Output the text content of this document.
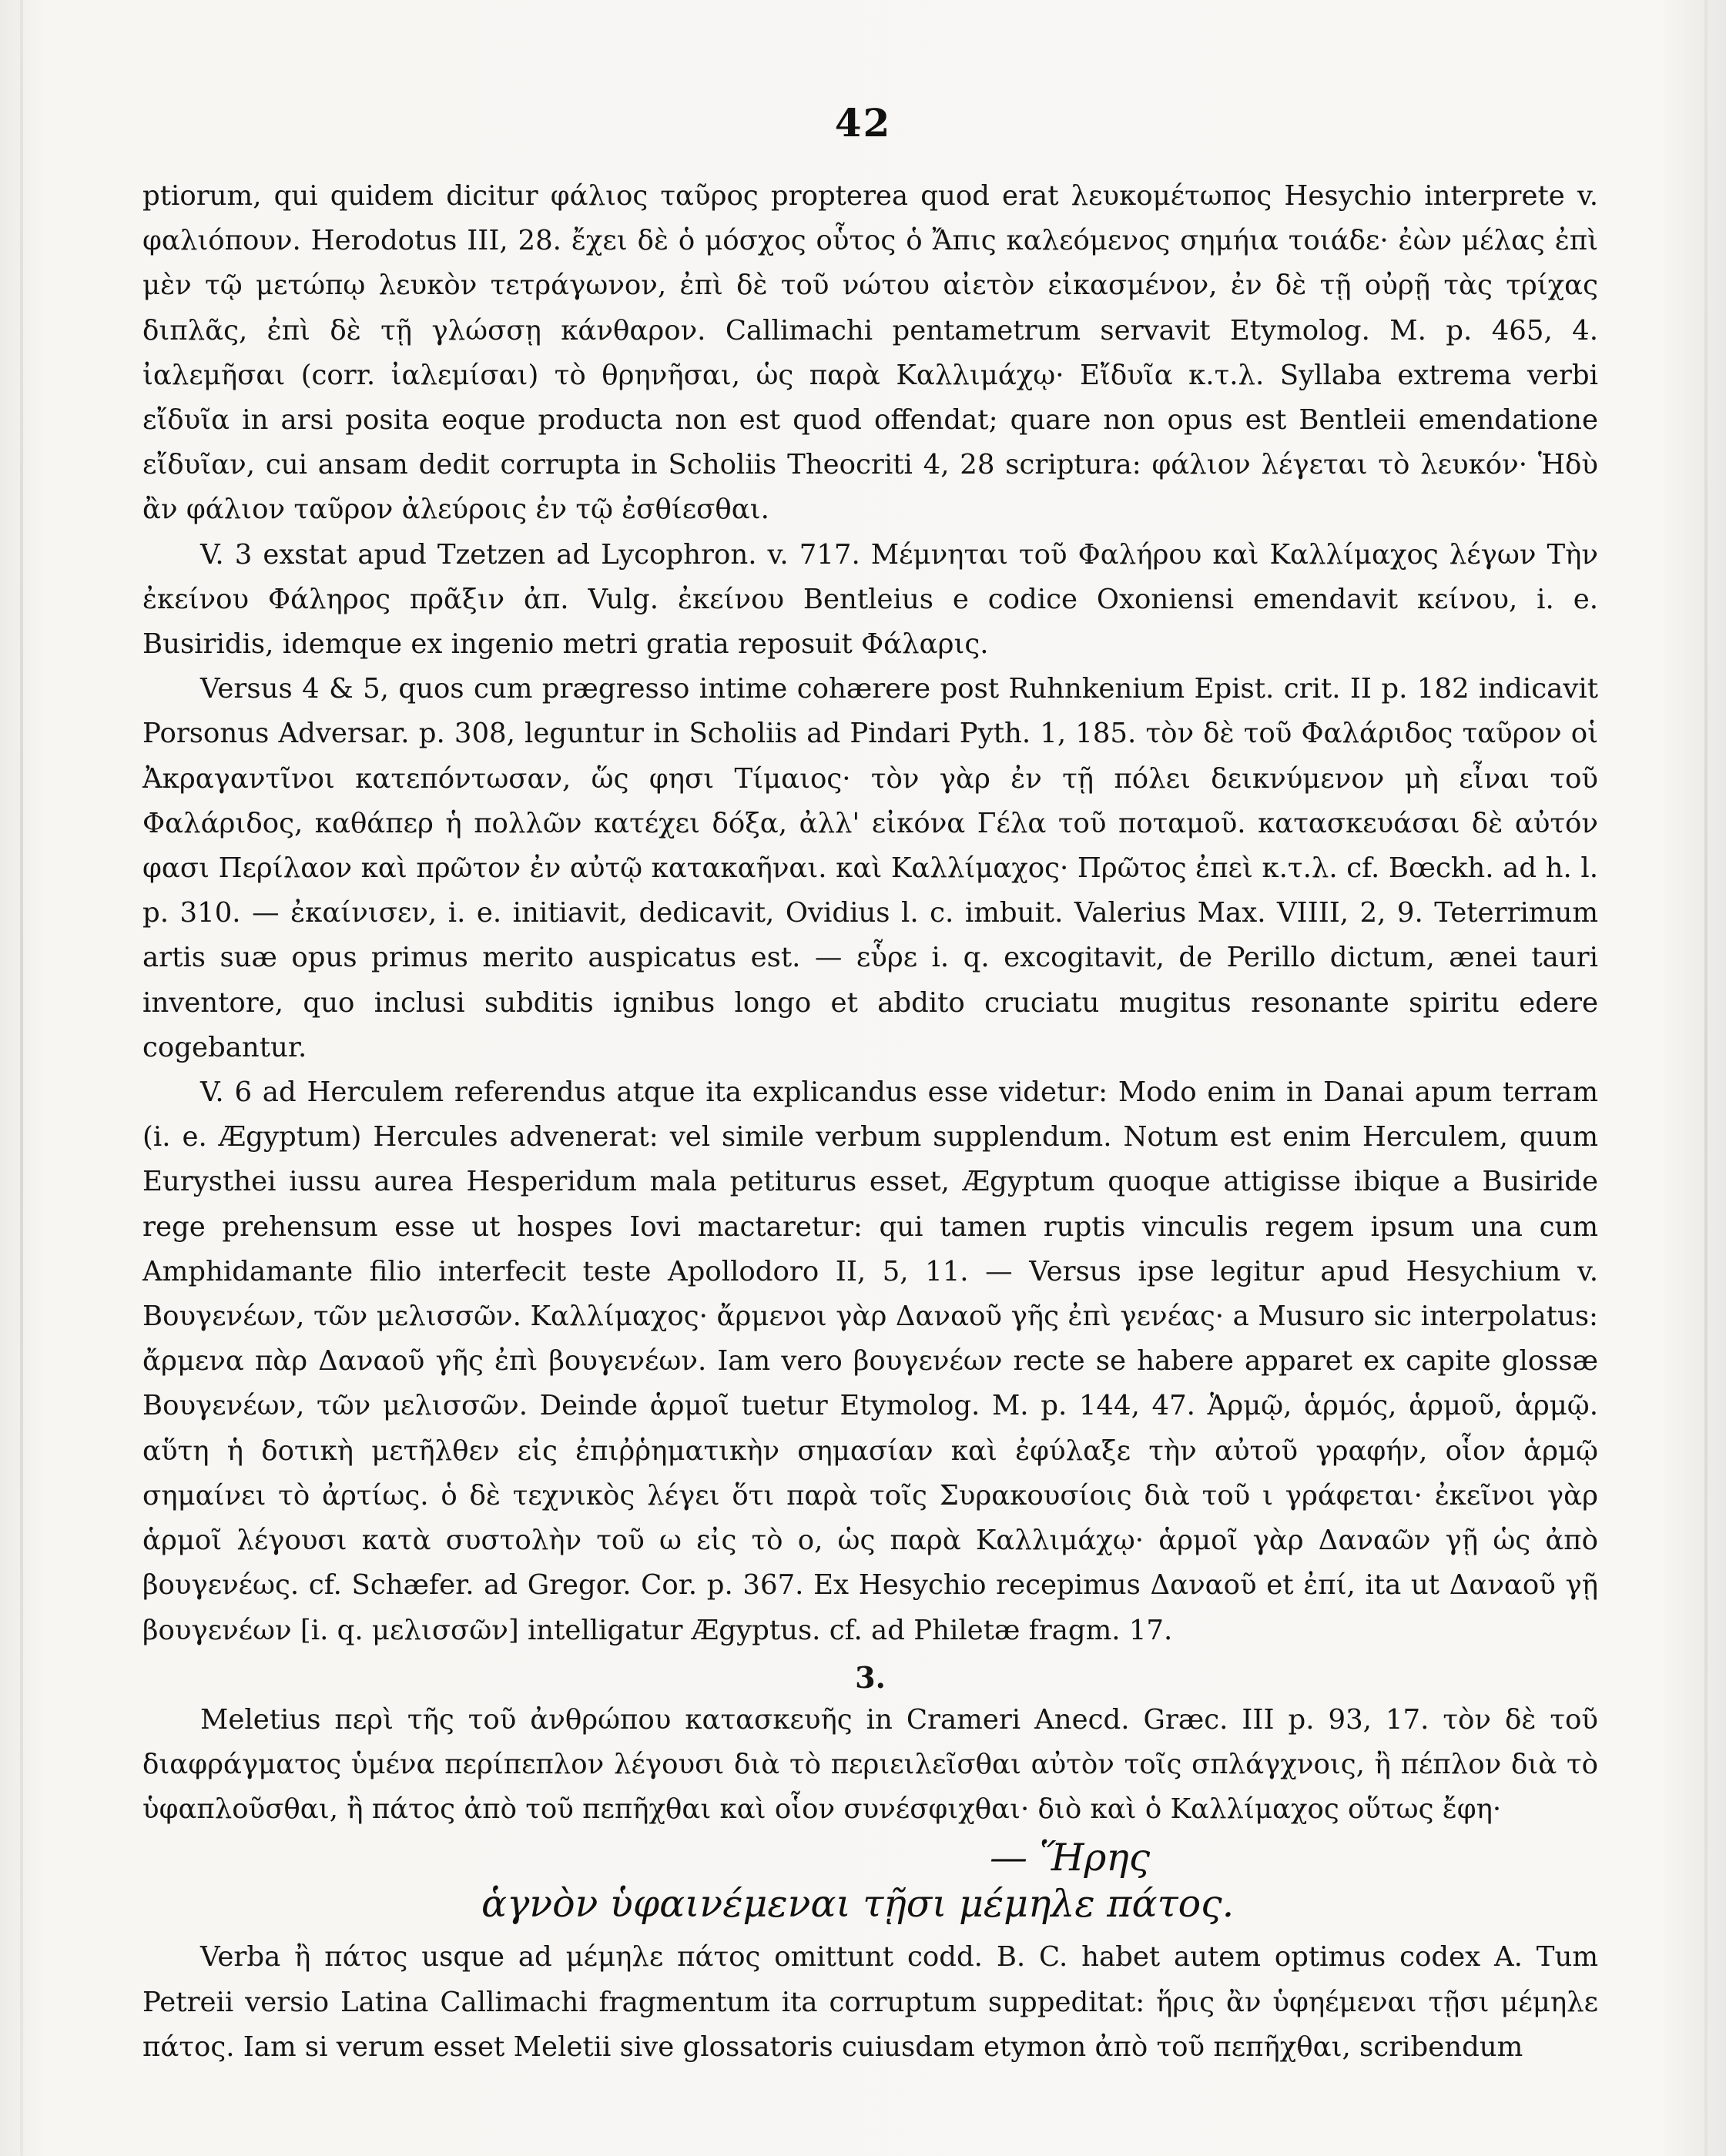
42

ptiorum, qui quidem dicitur φάλιος ταῦρος propterea quod erat λευκομέτωπος Hesychio interprete v. φαλιόπουν. Herodotus III, 28. ἔχει δὲ ὁ μόσχος οὗτος ὁ Ἄπις καλεόμενος σημήια τοιάδε· ἐὼν μέλας ἐπὶ μὲν τῷ μετώπῳ λευκὸν τετράγωνον, ἐπὶ δὲ τοῦ νώτου αἰετὸν εἰκασμένον, ἐν δὲ τῇ οὐρῇ τὰς τρίχας διπλᾶς, ἐπὶ δὲ τῇ γλώσσῃ κάνθαρον. Callimachi pentametrum servavit Etymolog. M. p. 465, 4. ἰαλεμῆσαι (corr. ἰαλεμίσαι) τὸ θρηνῆσαι, ὡς παρὰ Καλλιμάχῳ· Εἴδυῖα κ.τ.λ. Syllaba extrema verbi εἴδυῖα in arsi posita eoque producta non est quod offendat; quare non opus est Bentleii emendatione εἴδυῖαν, cui ansam dedit corrupta in Scholiis Theocriti 4, 28 scriptura: φάλιον λέγεται τὸ λευκόν· Ἡδὺ ἂν φάλιον ταῦρον ἀλεύροις ἐν τῷ ἐσθίεσθαι.

V. 3 exstat apud Tzetzen ad Lycophron. v. 717. Μέμνηται τοῦ Φαλήρου καὶ Καλλίμαχος λέγων Τὴν ἐκείνου Φάληρος πρᾶξιν ἀπ. Vulg. ἐκείνου Bentleius e codice Oxoniensi emendavit κείνου, i. e. Busiridis, idemque ex ingenio metri gratia reposuit Φάλαρις.

Versus 4 & 5, quos cum prægresso intime cohærere post Ruhnkenium Epist. crit. II p. 182 indicavit Porsonus Adversar. p. 308, leguntur in Scholiis ad Pindari Pyth. 1, 185. τὸν δὲ τοῦ Φαλάριδος ταῦρον οἱ Ἀκραγαντῖνοι κατεπόντωσαν, ὥς φησι Τίμαιος· τὸν γὰρ ἐν τῇ πόλει δεικνύμενον μὴ εἶναι τοῦ Φαλάριδος, καθάπερ ἡ πολλῶν κατέχει δόξα, ἀλλ' εἰκόνα Γέλα τοῦ ποταμοῦ. κατασκευάσαι δὲ αὐτόν φασι Περίλαον καὶ πρῶτον ἐν αὐτῷ κατακαῆναι. καὶ Καλλίμαχος· Πρῶτος ἐπεὶ κ.τ.λ. cf. Bœckh. ad h. l. p. 310. — ἐκαίνισεν, i. e. initiavit, dedicavit, Ovidius l. c. imbuit. Valerius Max. VIIII, 2, 9. Teterrimum artis suæ opus primus merito auspicatus est. — εὗρε i. q. excogitavit, de Perillo dictum, æneі tauri inventore, quo inclusi subditis ignibus longo et abdito cruciatu mugitus resonante spiritu edere cogebantur.

V. 6 ad Herculem referendus atque ita explicandus esse videtur: Modo enim in Danai apum terram (i. e. Ægyptum) Hercules advenerat: vel simile verbum supplendum. Notum est enim Herculem, quum Eurysthei iussu aurea Hesperidum mala petiturus esset, Ægyptum quoque attigisse ibique a Busiride rege prehensum esse ut hospes Iovi mactaretur: qui tamen ruptis vinculis regem ipsum una cum Amphidamante filio interfecit teste Apollodoro II, 5, 11. — Versus ipse legitur apud Hesychium v. Βουγενέων, τῶν μελισσῶν. Καλλίμαχος· ἄρμενοι γὰρ Δαναοῦ γῆς ἐπὶ γενέας· a Musuro sic interpolatus: ἄρμενα πὰρ Δαναοῦ γῆς ἐπὶ βουγενέων. Iam vero βουγενέων recte se habere apparet ex capite glossæ Βουγενέων, τῶν μελισσῶν. Deinde ἁρμοῖ tuetur Etymolog. M. p. 144, 47. Ἁρμῷ, ἁρμός, ἁρμοῦ, ἁρμῷ. αὕτη ἡ δοτικὴ μετῆλθεν εἰς ἐπιῤῥηματικὴν σημασίαν καὶ ἐφύλαξε τὴν αὐτοῦ γραφήν, οἷον ἁρμῷ σημαίνει τὸ ἀρτίως. ὁ δὲ τεχνικὸς λέγει ὅτι παρὰ τοῖς Συρακουσίοις διὰ τοῦ ι γράφεται· ἐκεῖνοι γὰρ ἁρμοῖ λέγουσι κατὰ συστολὴν τοῦ ω εἰς τὸ ο, ὡς παρὰ Καλλιμάχῳ· ἁρμοῖ γὰρ Δαναῶν γῇ ὡς ἀπὸ βουγενέως. cf. Schæfer. ad Gregor. Cor. p. 367. Ex Hesychio recepimus Δαναοῦ et ἐπί, ita ut Δαναοῦ γῇ βουγενέων [i. q. μελισσῶν] intelligatur Ægyptus. cf. ad Philetæ fragm. 17.

3.

Meletius περὶ τῆς τοῦ ἀνθρώπου κατασκευῆς in Crameri Anecd. Græc. III p. 93, 17. τὸν δὲ τοῦ διαφράγματος ὑμένα περίπεπλον λέγουσι διὰ τὸ περιειλεῖσθαι αὐτὸν τοῖς σπλάγχνοις, ἢ πέπλον διὰ τὸ ὑφαπλοῦσθαι, ἢ πάτος ἀπὸ τοῦ πεπῆχθαι καὶ οἷον συνέσφιχθαι· διὸ καὶ ὁ Καλλίμαχος οὕτως ἔφη·

— Ἥρης
ἁγνὸν ὑφαινέμεναι τῇσι μέμηλε πάτος.

Verba ἢ πάτος usque ad μέμηλε πάτος omittunt codd. B. C. habet autem optimus codex A. Tum Petreii versio Latina Callimachi fragmentum ita corruptum suppeditat: ἥρις ἂν ὑφηέμεναι τῇσι μέμηλε πάτος. Iam si verum esset Meletii sive glossatoris cuiusdam etymon ἀπὸ τοῦ πεπῆχθαι, scribendum
